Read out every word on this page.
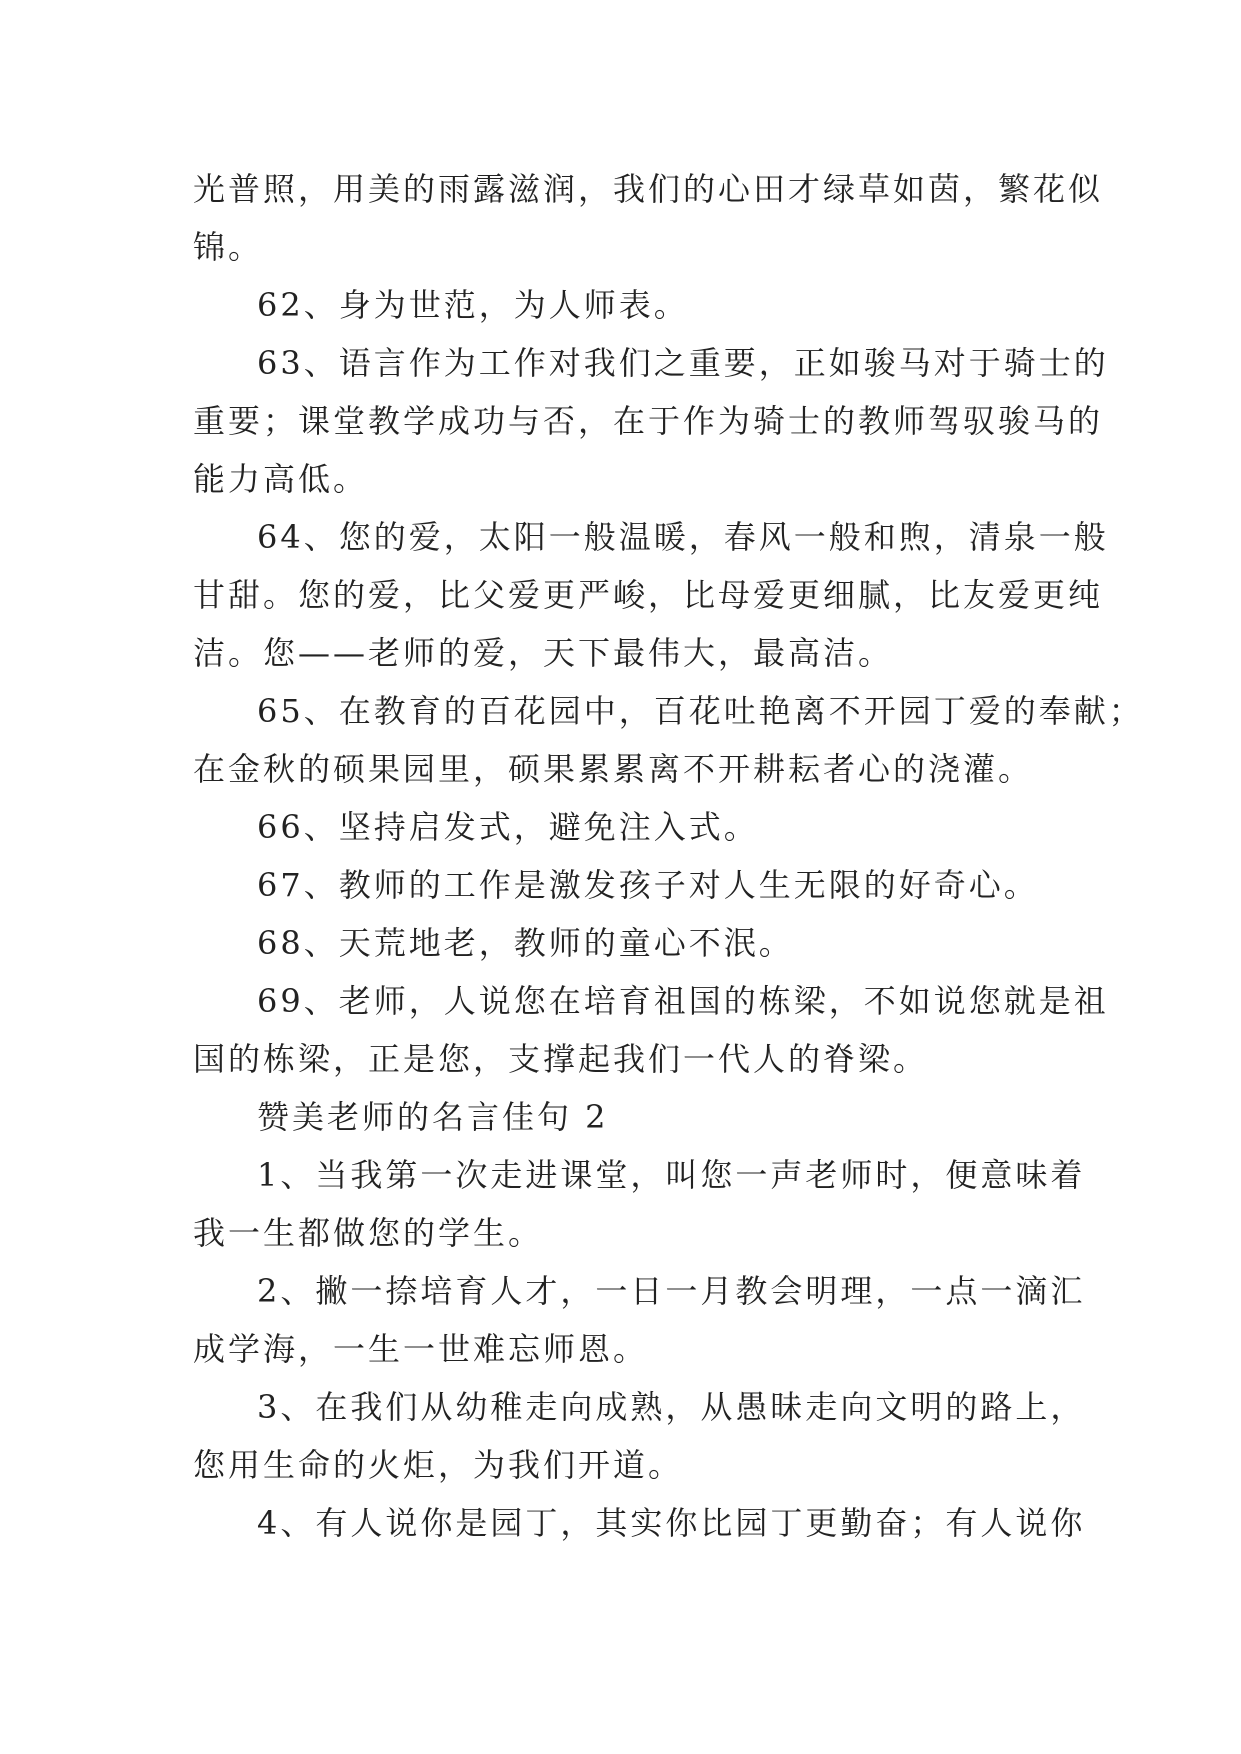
光普照，用美的雨露滋润，我们的心田才绿草如茵，繁花似
锦。

62、身为世范，为人师表。

63、语言作为工作对我们之重要，正如骏马对于骑士的
重要；课堂教学成功与否，在于作为骑士的教师驾驭骏马的
能力高低。

64、您的爱，太阳一般温暖，春风一般和煦，清泉一般
甘甜。您的爱，比父爱更严峻，比母爱更细腻，比友爱更纯
洁。您——老师的爱，天下最伟大，最高洁。

65、在教育的百花园中，百花吐艳离不开园丁爱的奉献；
在金秋的硕果园里，硕果累累离不开耕耘者心的浇灌。

66、坚持启发式，避免注入式。

67、教师的工作是激发孩子对人生无限的好奇心。

68、天荒地老，教师的童心不泯。

69、老师，人说您在培育祖国的栋梁，不如说您就是祖
国的栋梁，正是您，支撑起我们一代人的脊梁。

赞美老师的名言佳句 2

1、当我第一次走进课堂，叫您一声老师时，便意味着
我一生都做您的学生。

2、撇一捺培育人才，一日一月教会明理，一点一滴汇
成学海，一生一世难忘师恩。

3、在我们从幼稚走向成熟，从愚昧走向文明的路上，
您用生命的火炬，为我们开道。

4、有人说你是园丁，其实你比园丁更勤奋；有人说你
